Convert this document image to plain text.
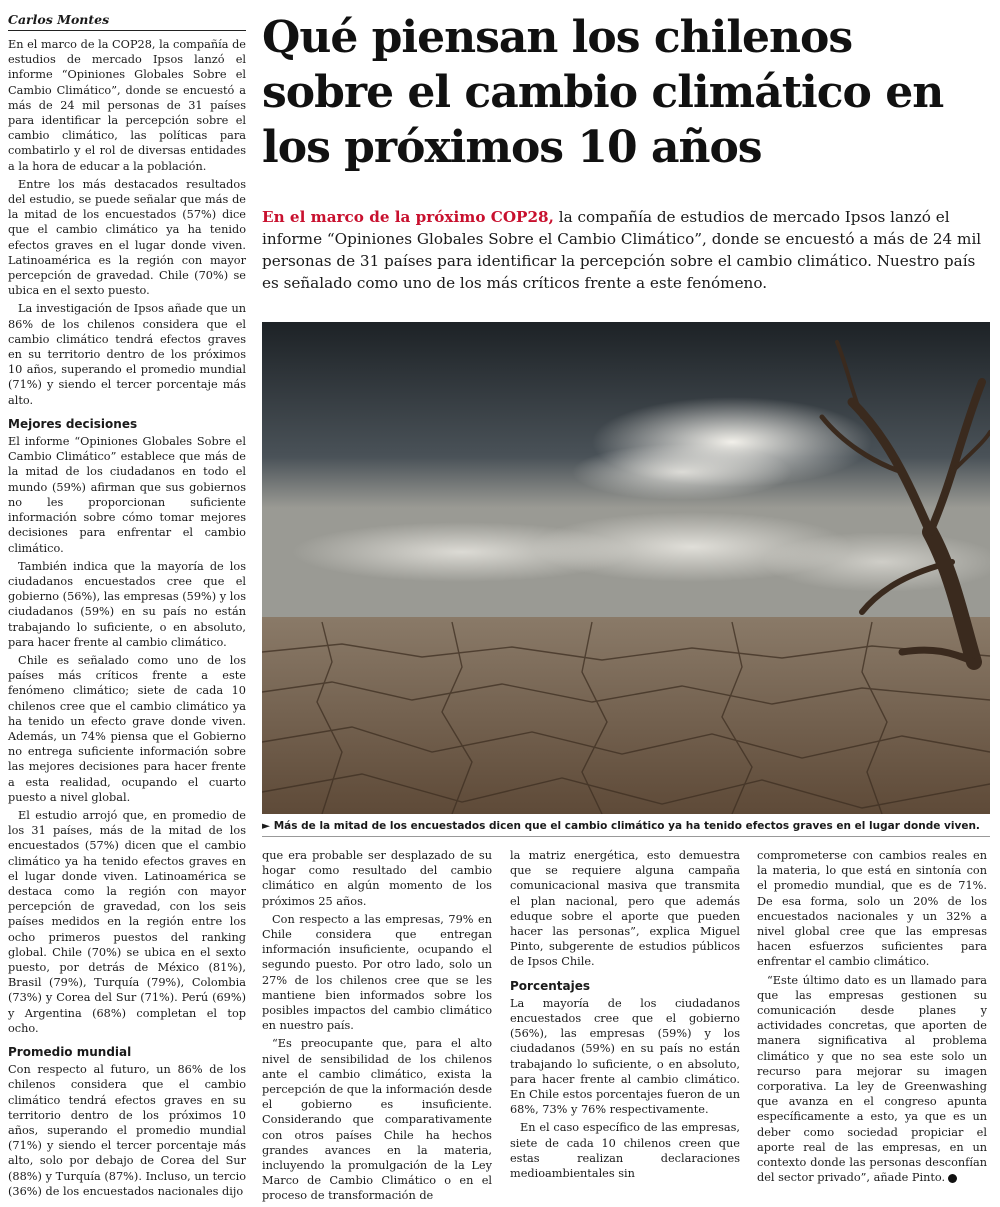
Carlos Montes

En el marco de la COP28, la compañía de estudios de mercado Ipsos lanzó el informe “Opiniones Globales Sobre el Cambio Climático”, donde se encuestó a más de 24 mil personas de 31 países para identificar la percepción sobre el cambio climático, las políticas para combatirlo y el rol de diversas entidades a la hora de educar a la población.

Entre los más destacados resultados del estudio, se puede señalar que más de la mitad de los encuestados (57%) dice que el cambio climático ya ha tenido efectos graves en el lugar donde viven. Latinoamérica es la región con mayor percepción de gravedad. Chile (70%) se ubica en el sexto puesto.

La investigación de Ipsos añade que un 86% de los chilenos considera que el cambio climático tendrá efectos graves en su territorio dentro de los próximos 10 años, superando el promedio mundial (71%) y siendo el tercer porcentaje más alto.

Mejores decisiones

El informe “Opiniones Globales Sobre el Cambio Climático” establece que más de la mitad de los ciudadanos en todo el mundo (59%) afirman que sus gobiernos no les proporcionan suficiente información sobre cómo tomar mejores decisiones para enfrentar el cambio climático.

También indica que la mayoría de los ciudadanos encuestados cree que el gobierno (56%), las empresas (59%) y los ciudadanos (59%) en su país no están trabajando lo suficiente, o en absoluto, para hacer frente al cambio climático.

Chile es señalado como uno de los países más críticos frente a este fenómeno climático; siete de cada 10 chilenos cree que el cambio climático ya ha tenido un efecto grave donde viven. Además, un 74% piensa que el Gobierno no entrega suficiente información sobre las mejores decisiones para hacer frente a esta realidad, ocupando el cuarto puesto a nivel global.

El estudio arrojó que, en promedio de los 31 países, más de la mitad de los encuestados (57%) dicen que el cambio climático ya ha tenido efectos graves en el lugar donde viven. Latinoamérica se destaca como la región con mayor percepción de gravedad, con los seis países medidos en la región entre los ocho primeros puestos del ranking global. Chile (70%) se ubica en el sexto puesto, por detrás de México (81%), Brasil (79%), Turquía (79%), Colombia (73%) y Corea del Sur (71%). Perú (69%) y Argentina (68%) completan el top ocho.

Promedio mundial

Con respecto al futuro, un 86% de los chilenos considera que el cambio climático tendrá efectos graves en su territorio dentro de los próximos 10 años, superando el promedio mundial (71%) y siendo el tercer porcentaje más alto, solo por debajo de Corea del Sur (88%) y Turquía (87%). Incluso, un tercio (36%) de los encuestados nacionales dijo

Qué piensan los chilenos sobre el cambio climático en los próximos 10 años

En el marco de la próximo COP28, la compañía de estudios de mercado Ipsos lanzó el informe “Opiniones Globales Sobre el Cambio Climático”, donde se encuestó a más de 24 mil personas de 31 países para identificar la percepción sobre el cambio climático. Nuestro país es señalado como uno de los más críticos frente a este fenómeno.

► Más de la mitad de los encuestados dicen que el cambio climático ya ha tenido efectos graves en el lugar donde viven.

que era probable ser desplazado de su hogar como resultado del cambio climático en algún momento de los próximos 25 años.

Con respecto a las empresas, 79% en Chile considera que entregan información insuficiente, ocupando el segundo puesto. Por otro lado, solo un 27% de los chilenos cree que se les mantiene bien informados sobre los posibles impactos del cambio climático en nuestro país.

“Es preocupante que, para el alto nivel de sensibilidad de los chilenos ante el cambio climático, exista la percepción de que la información desde el gobierno es insuficiente. Considerando que comparativamente con otros países Chile ha hechos grandes avances en la materia, incluyendo la promulgación de la Ley Marco de Cambio Climático o en el proceso de transformación de

la matriz energética, esto demuestra que se requiere alguna campaña comunicacional masiva que transmita el plan nacional, pero que además eduque sobre el aporte que pueden hacer las personas”, explica Miguel Pinto, subgerente de estudios públicos de Ipsos Chile.

Porcentajes

La mayoría de los ciudadanos encuestados cree que el gobierno (56%), las empresas (59%) y los ciudadanos (59%) en su país no están trabajando lo suficiente, o en absoluto, para hacer frente al cambio climático. En Chile estos porcentajes fueron de un 68%, 73% y 76% respectivamente.

En el caso específico de las empresas, siete de cada 10 chilenos creen que estas realizan declaraciones medioambientales sin

comprometerse con cambios reales en la materia, lo que está en sintonía con el promedio mundial, que es de 71%. De esa forma, solo un 20% de los encuestados nacionales y un 32% a nivel global cree que las empresas hacen esfuerzos suficientes para enfrentar el cambio climático.

“Este último dato es un llamado para que las empresas gestionen su comunicación desde planes y actividades concretas, que aporten de manera significativa al problema climático y que no sea este solo un recurso para mejorar su imagen corporativa. La ley de Greenwashing que avanza en el congreso apunta específicamente a esto, ya que es un deber como sociedad propiciar el aporte real de las empresas, en un contexto donde las personas desconfían del sector privado”, añade Pinto.
